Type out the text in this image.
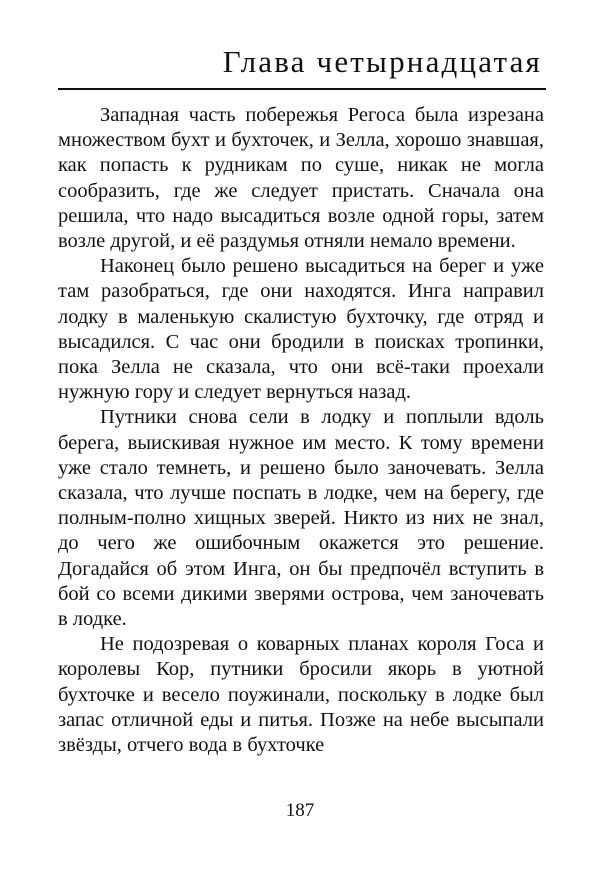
Глава четырнадцатая

Западная часть побережья Регоса была изрезана множеством бухт и бухточек, и Зелла, хорошо знавшая, как попасть к рудникам по суше, никак не могла сообразить, где же следует пристать. Сначала она решила, что надо высадиться возле одной горы, затем возле другой, и её раздумья отняли немало времени.

Наконец было решено высадиться на берег и уже там разобраться, где они находятся. Инга направил лодку в маленькую скалистую бухточку, где отряд и высадился. С час они бродили в поисках тропинки, пока Зелла не сказала, что они всё-таки проехали нужную гору и следует вернуться назад.

Путники снова сели в лодку и поплыли вдоль берега, выискивая нужное им место. К тому времени уже стало темнеть, и решено было заночевать. Зелла сказала, что лучше поспать в лодке, чем на берегу, где полным-полно хищных зверей. Никто из них не знал, до чего же ошибочным окажется это решение. Догадайся об этом Инга, он бы предпочёл вступить в бой со всеми дикими зверями острова, чем заночевать в лодке.

Не подозревая о коварных планах короля Госа и королевы Кор, путники бросили якорь в уютной бухточке и весело поужинали, поскольку в лодке был запас отличной еды и питья. Позже на небе высыпали звёзды, отчего вода в бухточке

187
